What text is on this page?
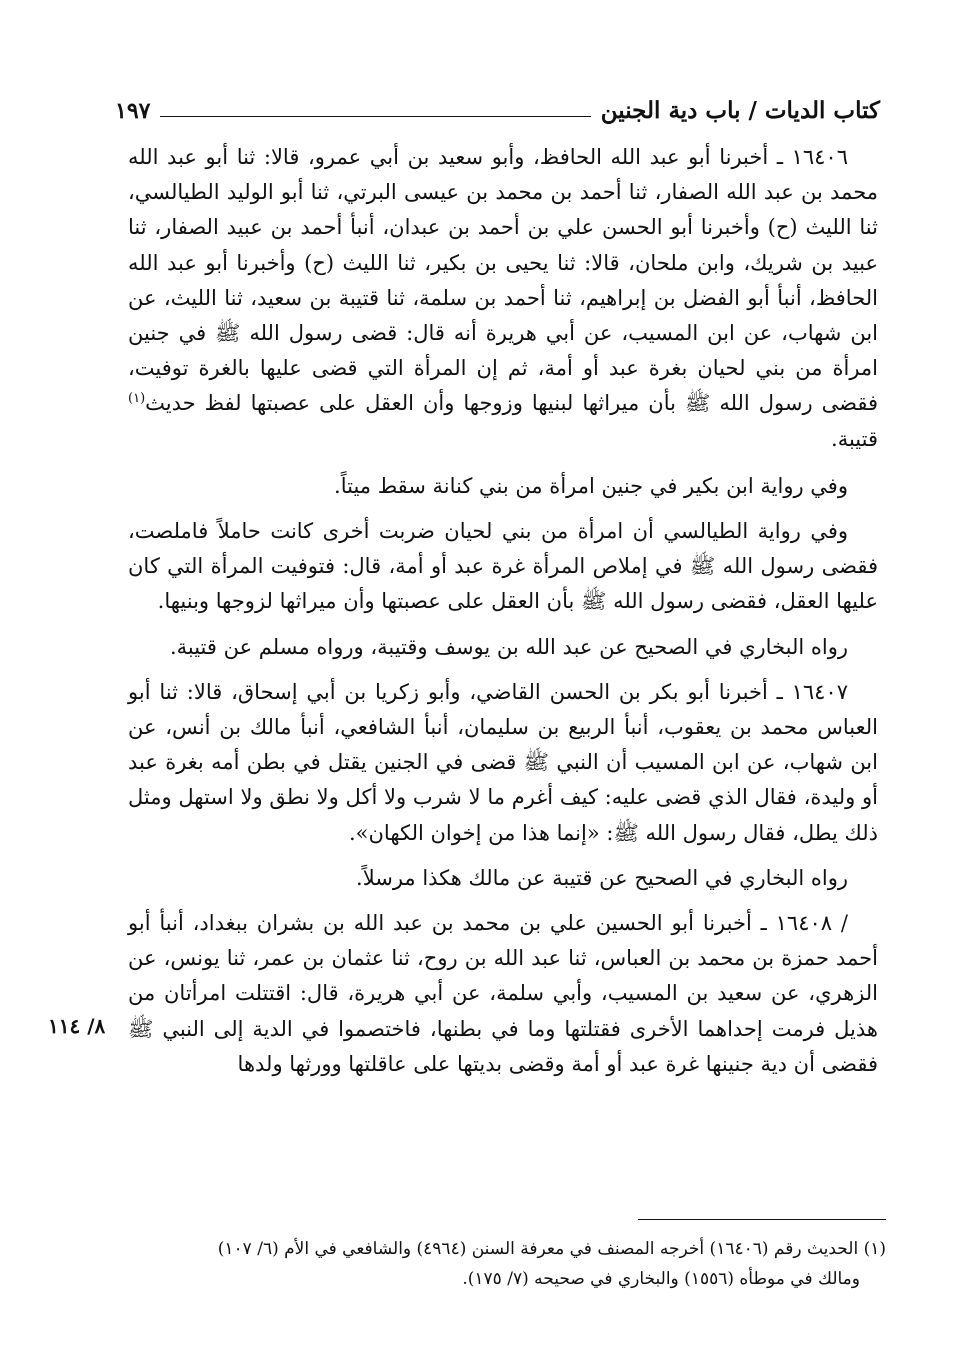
كتاب الديات / باب دية الجنين
١٩٧

١٦٤٠٦ ـ أخبرنا أبو عبد الله الحافظ، وأبو سعيد بن أبي عمرو، قالا: ثنا أبو عبد الله محمد بن عبد الله الصفار، ثنا أحمد بن محمد بن عيسى البرتي، ثنا أبو الوليد الطيالسي، ثنا الليث (ح) وأخبرنا أبو الحسن علي بن أحمد بن عبدان، أنبأ أحمد بن عبيد الصفار، ثنا عبيد بن شريك، وابن ملحان، قالا: ثنا يحيى بن بكير، ثنا الليث (ح) وأخبرنا أبو عبد الله الحافظ، أنبأ أبو الفضل بن إبراهيم، ثنا أحمد بن سلمة، ثنا قتيبة بن سعيد، ثنا الليث، عن ابن شهاب، عن ابن المسيب، عن أبي هريرة أنه قال: قضى رسول الله ﷺ في جنين امرأة من بني لحيان بغرة عبد أو أمة، ثم إن المرأة التي قضى عليها بالغرة توفيت، فقضى رسول الله ﷺ بأن ميراثها لبنيها وزوجها وأن العقل على عصبتها لفظ حديث$^{(١)}$ قتيبة.

وفي رواية ابن بكير في جنين امرأة من بني كنانة سقط ميتاً.

وفي رواية الطيالسي أن امرأة من بني لحيان ضربت أخرى كانت حاملاً فاملصت، فقضى رسول الله ﷺ في إملاص المرأة غرة عبد أو أمة، قال: فتوفيت المرأة التي كان عليها العقل، فقضى رسول الله ﷺ بأن العقل على عصبتها وأن ميراثها لزوجها وبنيها.

رواه البخاري في الصحيح عن عبد الله بن يوسف وقتيبة، ورواه مسلم عن قتيبة.

١٦٤٠٧ ـ أخبرنا أبو بكر بن الحسن القاضي، وأبو زكريا بن أبي إسحاق، قالا: ثنا أبو العباس محمد بن يعقوب، أنبأ الربيع بن سليمان، أنبأ الشافعي، أنبأ مالك بن أنس، عن ابن شهاب، عن ابن المسيب أن النبي ﷺ قضى في الجنين يقتل في بطن أمه بغرة عبد أو وليدة، فقال الذي قضى عليه: كيف أغرم ما لا شرب ولا أكل ولا نطق ولا استهل ومثل ذلك يطل، فقال رسول الله ﷺ: «إنما هذا من إخوان الكهان».

رواه البخاري في الصحيح عن قتيبة عن مالك هكذا مرسلاً.

/ ١٦٤٠٨ ـ أخبرنا أبو الحسين علي بن محمد بن عبد الله بن بشران ببغداد، أنبأ أبو أحمد حمزة بن محمد بن العباس، ثنا عبد الله بن روح، ثنا عثمان بن عمر، ثنا يونس، عن الزهري، عن سعيد بن المسيب، وأبي سلمة، عن أبي هريرة، قال: اقتتلت امرأتان من هذيل فرمت إحداهما الأخرى فقتلتها وما في بطنها، فاختصموا في الدية إلى النبي ﷺ فقضى أن دية جنينها غرة عبد أو أمة وقضى بديتها على عاقلتها وورثها ولدها

٨/ ١١٤
(١) الحديث رقم (١٦٤٠٦) أخرجه المصنف في معرفة السنن (٤٩٦٤) والشافعي في الأم (٦/ ١٠٧)
ومالك في موطأه (١٥٥٦) والبخاري في صحيحه (٧/ ١٧٥).
